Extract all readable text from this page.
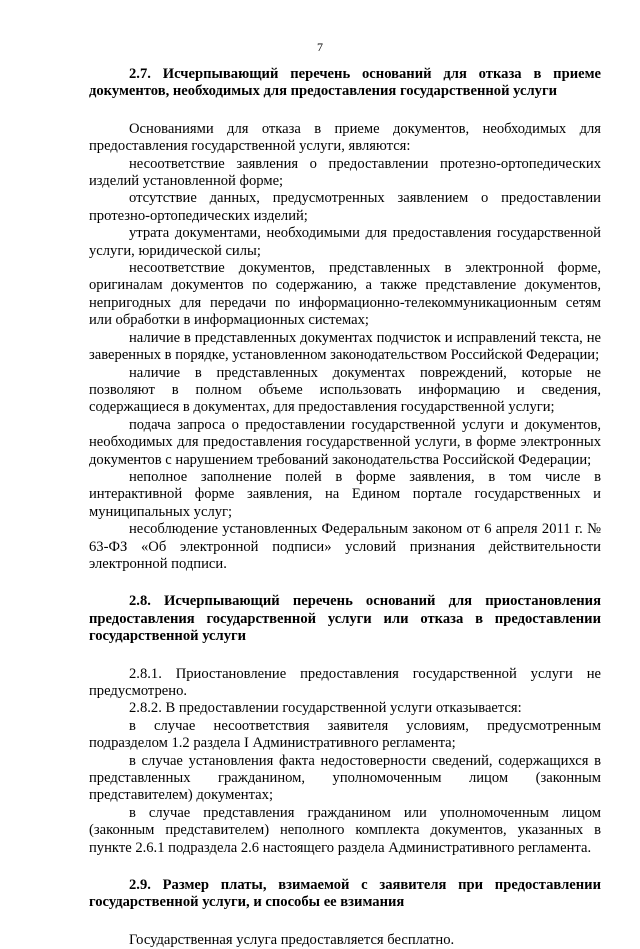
7

2.7. Исчерпывающий перечень оснований для отказа в приеме документов, необходимых для предоставления государственной услуги

Основаниями для отказа в приеме документов, необходимых для предоставления государственной услуги, являются:

несоответствие заявления о предоставлении протезно-ортопедических изделий установленной форме;

отсутствие данных, предусмотренных заявлением о предоставлении протезно-ортопедических изделий;

утрата документами, необходимыми для предоставления государственной услуги, юридической силы;

несоответствие документов, представленных в электронной форме, оригиналам документов по содержанию, а также представление документов, непригодных для передачи по информационно-телекоммуникационным сетям или обработки в информационных системах;

наличие в представленных документах подчисток и исправлений текста, не заверенных в порядке, установленном законодательством Российской Федерации;

наличие в представленных документах повреждений, которые не позволяют в полном объеме использовать информацию и сведения, содержащиеся в документах, для предоставления государственной услуги;

подача запроса о предоставлении государственной услуги и документов, необходимых для предоставления государственной услуги, в форме электронных документов с нарушением требований законодательства Российской Федерации;

неполное заполнение полей в форме заявления, в том числе в интерактивной форме заявления, на Едином портале государственных и муниципальных услуг;

несоблюдение установленных Федеральным законом от 6 апреля 2011 г. № 63-ФЗ «Об электронной подписи» условий признания действительности электронной подписи.

2.8. Исчерпывающий перечень оснований для приостановления предоставления государственной услуги или отказа в предоставлении государственной услуги

2.8.1. Приостановление предоставления государственной услуги не предусмотрено.

2.8.2. В предоставлении государственной услуги отказывается:

в случае несоответствия заявителя условиям, предусмотренным подразделом 1.2 раздела I Административного регламента;

в случае установления факта недостоверности сведений, содержащихся в представленных гражданином, уполномоченным лицом (законным представителем) документах;

в случае представления гражданином или уполномоченным лицом (законным представителем) неполного комплекта документов, указанных в пункте 2.6.1 подраздела 2.6 настоящего раздела Административного регламента.

2.9. Размер платы, взимаемой с заявителя при предоставлении государственной услуги, и способы ее взимания

Государственная услуга предоставляется бесплатно.
